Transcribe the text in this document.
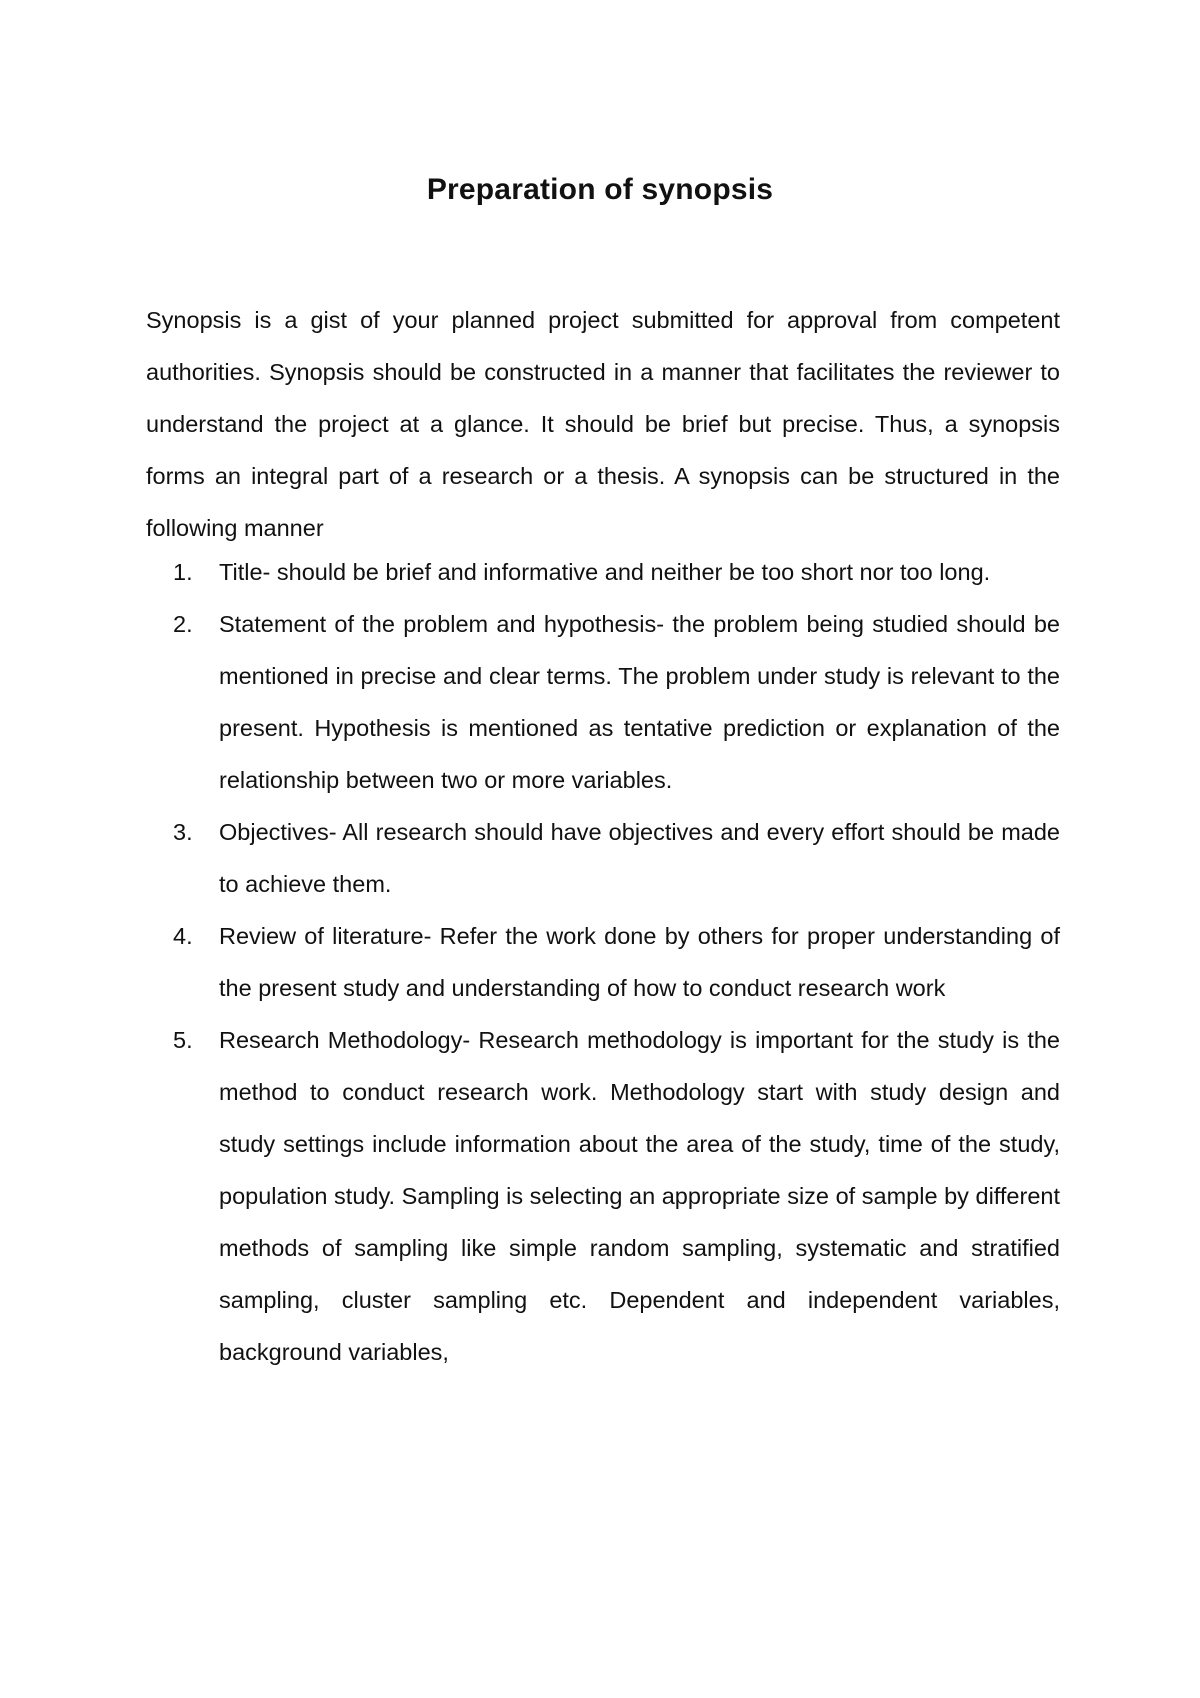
Preparation of synopsis

Synopsis is a gist of your planned project submitted for approval from competent authorities. Synopsis should be constructed in a manner that facilitates the reviewer to understand the project at a glance. It should be brief but precise. Thus, a synopsis forms an integral part of a research or a thesis. A synopsis can be structured in the following manner

1. Title- should be brief and informative and neither be too short nor too long.
2. Statement of the problem and hypothesis- the problem being studied should be mentioned in precise and clear terms. The problem under study is relevant to the present. Hypothesis is mentioned as tentative prediction or explanation of the relationship between two or more variables.
3. Objectives- All research should have objectives and every effort should be made to achieve them.
4. Review of literature- Refer the work done by others for proper understanding of the present study and understanding of how to conduct research work
5. Research Methodology- Research methodology is important for the study is the method to conduct research work. Methodology start with study design and study settings include information about the area of the study, time of the study, population study. Sampling is selecting an appropriate size of sample by different methods of sampling like simple random sampling, systematic and stratified sampling, cluster sampling etc. Dependent and independent variables, background variables,
